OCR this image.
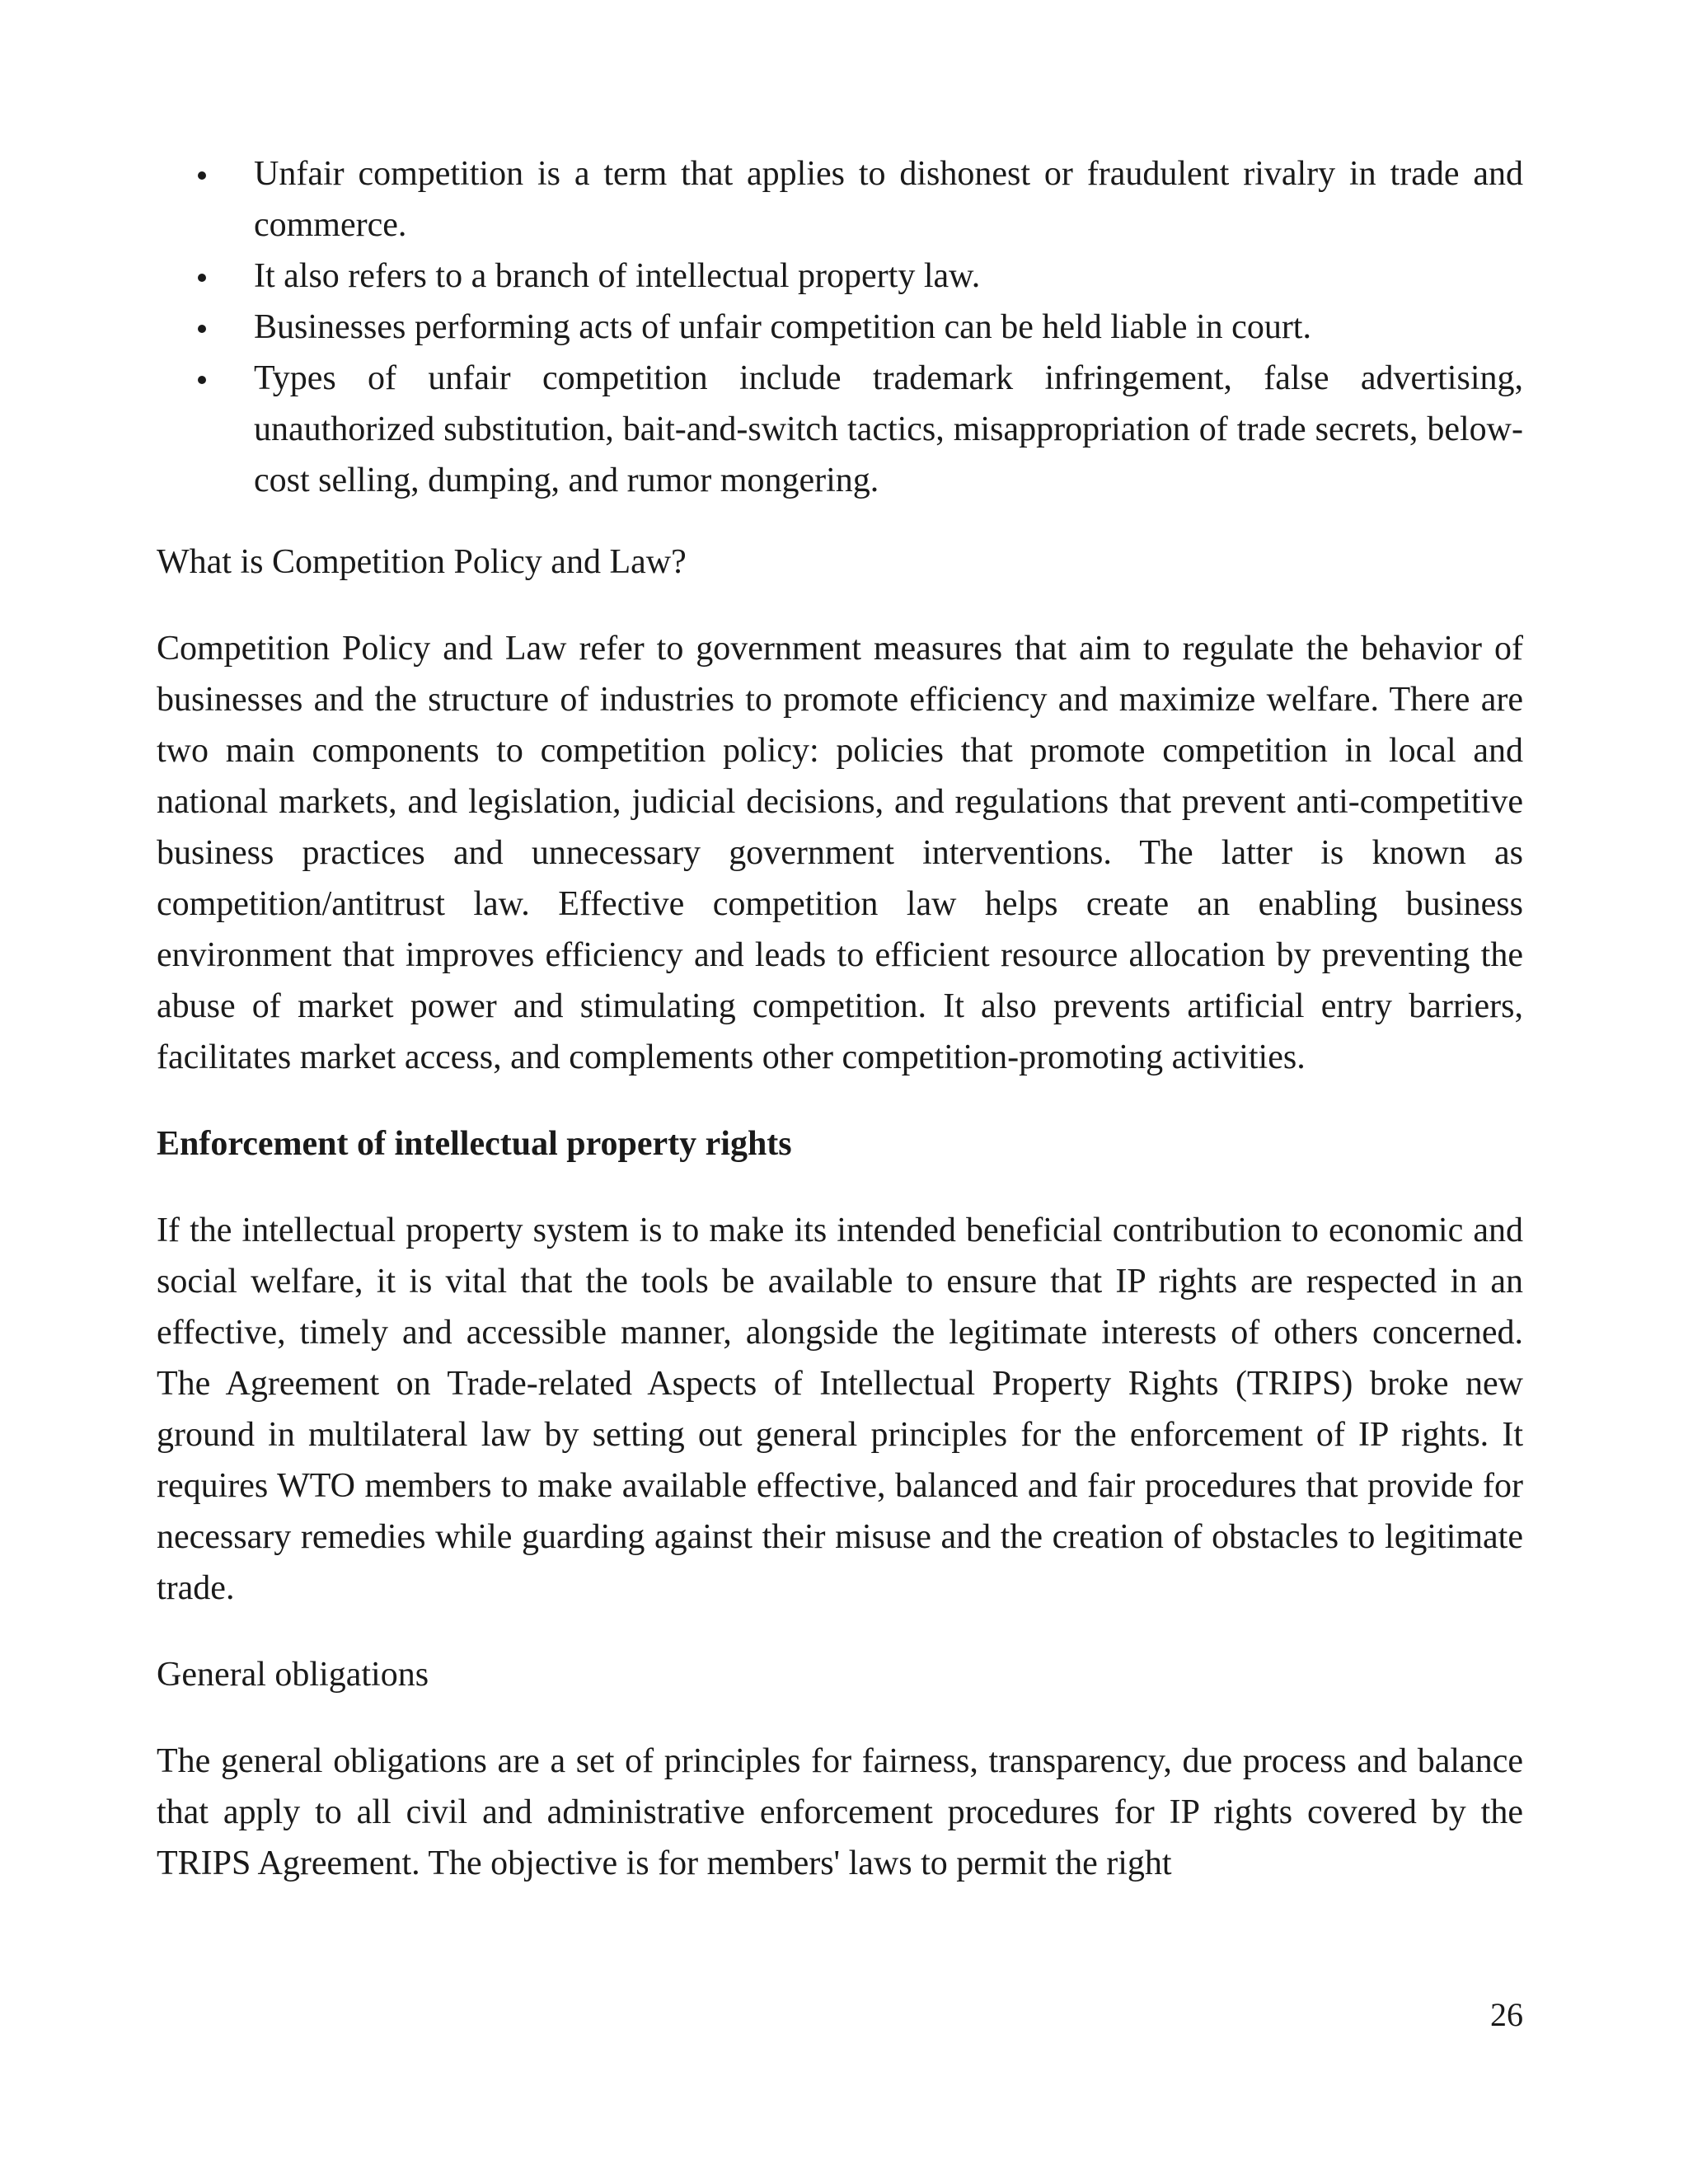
Unfair competition is a term that applies to dishonest or fraudulent rivalry in trade and commerce.
It also refers to a branch of intellectual property law.
Businesses performing acts of unfair competition can be held liable in court.
Types of unfair competition include trademark infringement, false advertising, unauthorized substitution, bait-and-switch tactics, misappropriation of trade secrets, below-cost selling, dumping, and rumor mongering.

What is Competition Policy and Law?

Competition Policy and Law refer to government measures that aim to regulate the behavior of businesses and the structure of industries to promote efficiency and maximize welfare. There are two main components to competition policy: policies that promote competition in local and national markets, and legislation, judicial decisions, and regulations that prevent anti-competitive business practices and unnecessary government interventions. The latter is known as competition/antitrust law. Effective competition law helps create an enabling business environment that improves efficiency and leads to efficient resource allocation by preventing the abuse of market power and stimulating competition. It also prevents artificial entry barriers, facilitates market access, and complements other competition-promoting activities.

Enforcement of intellectual property rights

If the intellectual property system is to make its intended beneficial contribution to economic and social welfare, it is vital that the tools be available to ensure that IP rights are respected in an effective, timely and accessible manner, alongside the legitimate interests of others concerned. The Agreement on Trade-related Aspects of Intellectual Property Rights (TRIPS) broke new ground in multilateral law by setting out general principles for the enforcement of IP rights. It requires WTO members to make available effective, balanced and fair procedures that provide for necessary remedies while guarding against their misuse and the creation of obstacles to legitimate trade.

General obligations

The general obligations are a set of principles for fairness, transparency, due process and balance that apply to all civil and administrative enforcement procedures for IP rights covered by the TRIPS Agreement. The objective is for members' laws to permit the right

26
